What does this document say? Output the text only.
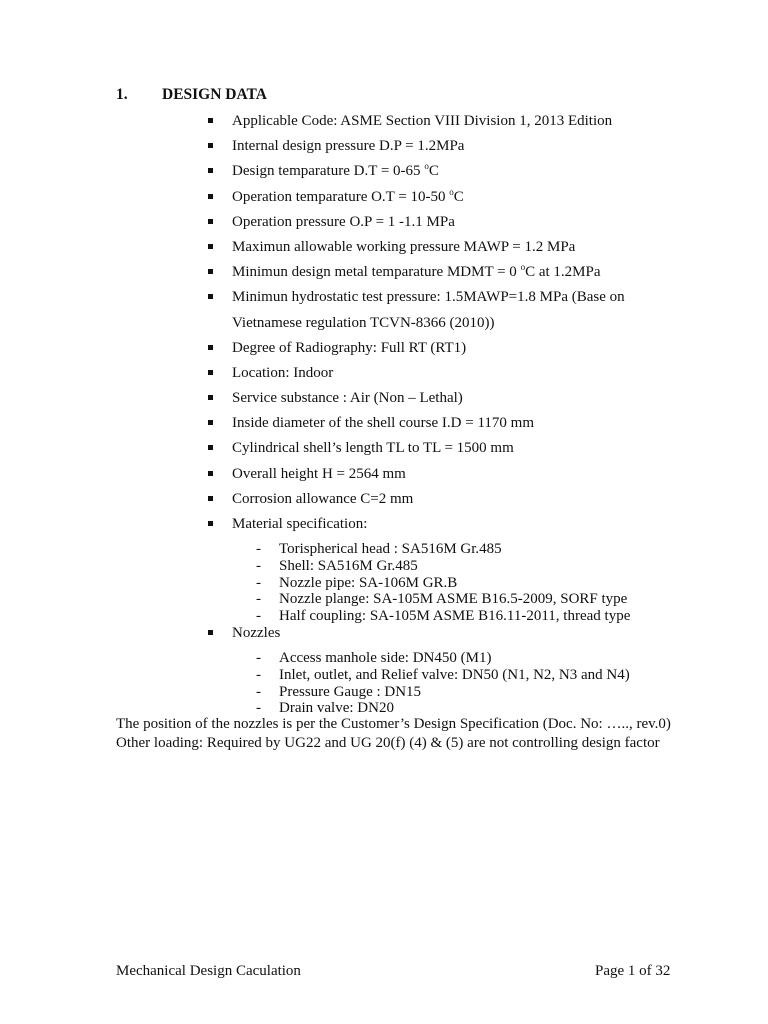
1. DESIGN DATA
Applicable Code: ASME Section VIII Division 1, 2013 Edition
Internal design pressure D.P = 1.2MPa
Design temparature D.T = 0-65 $^o$C
Operation temparature O.T = 10-50 $^o$C
Operation pressure O.P = 1 -1.1 MPa
Maximun allowable working pressure MAWP = 1.2 MPa
Minimun design metal temparature MDMT = 0 $^o$C at 1.2MPa
Minimun hydrostatic test pressure: 1.5MAWP=1.8 MPa (Base on Vietnamese regulation TCVN-8366 (2010))
Degree of Radiography: Full RT (RT1)
Location: Indoor
Service substance : Air (Non – Lethal)
Inside diameter of the shell course I.D = 1170 mm
Cylindrical shell’s length TL to TL = 1500 mm
Overall height H = 2564 mm
Corrosion allowance C=2 mm
Material specification:
- Torispherical head : SA516M Gr.485
- Shell: SA516M Gr.485
- Nozzle pipe: SA-106M GR.B
- Nozzle plange: SA-105M ASME B16.5-2009, SORF type
- Half coupling: SA-105M ASME B16.11-2011, thread type
Nozzles
- Access manhole side: DN450 (M1)
- Inlet, outlet, and Relief valve: DN50 (N1, N2, N3 and N4)
- Pressure Gauge : DN15
- Drain valve: DN20
The position of the nozzles is per the Customer’s Design Specification (Doc. No: ….., rev.0)
Other loading: Required by UG22 and UG 20(f) (4) & (5) are not controlling design factor
Mechanical Design Caculation	Page 1 of 32
